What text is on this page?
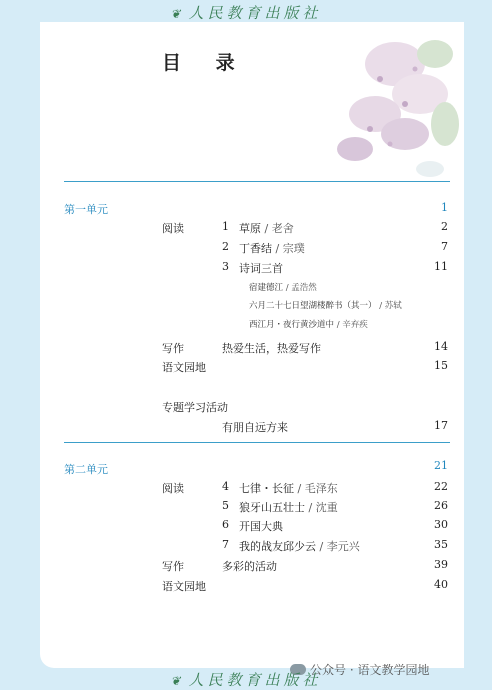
❦ 人民教育出版社
目 录
第一单元	1
阅读	1 草原 / 老舍	2
2 丁香结 / 宗璞	7
3 诗词三首	11
宿建德江 / 孟浩然
六月二十七日望湖楼醉书（其一） / 苏轼
西江月・夜行黄沙道中 / 辛弃疾
写作	热爱生活，热爱写作	14
语文园地	15
专题学习活动
有朋自远方来	17
第二单元	21
阅读	4 七律・长征 / 毛泽东	22
5 狼牙山五壮士 / 沈重	26
6 开国大典	30
7 我的战友邱少云 / 李元兴	35
写作	多彩的活动	39
语文园地	40
公众号 · 语文教学园地
❦ 人民教育出版社
